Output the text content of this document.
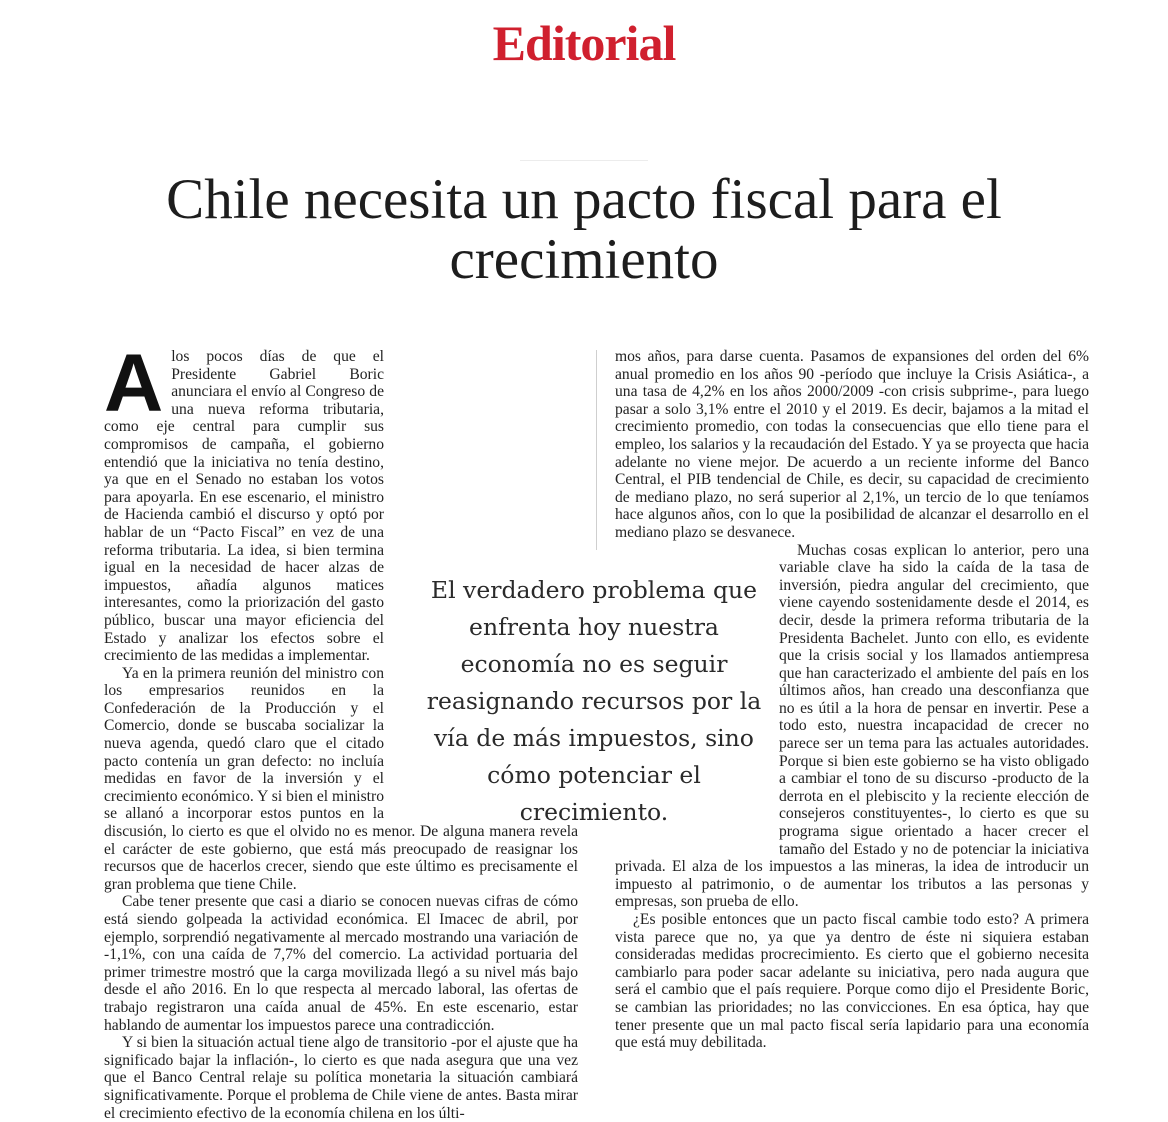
Editorial
Chile necesita un pacto fiscal para el crecimiento

Alos pocos días de que el Presidente Gabriel Boric anunciara el envío al Congreso de una nueva reforma tributaria, como eje central para cumplir sus compromisos de campaña, el gobierno entendió que la iniciativa no tenía destino, ya que en el Senado no estaban los votos para apoyarla. En ese escenario, el ministro de Hacienda cambió el discurso y optó por hablar de un “Pacto Fiscal” en vez de una reforma tributaria. La idea, si bien termina igual en la necesidad de hacer alzas de impuestos, añadía algunos matices interesantes, como la priorización del gasto público, buscar una mayor eficiencia del Estado y analizar los efectos sobre el crecimiento de las medidas a implementar.

Ya en la primera reunión del ministro con los empresarios reunidos en la Confederación de la Producción y el Comercio, donde se buscaba socializar la nueva agenda, quedó claro que el citado pacto contenía un gran defecto: no incluía medidas en favor de la inversión y el crecimiento económico. Y si bien el ministro se allanó a incorporar estos puntos en la discusión, lo cierto es que el olvido no es menor. De alguna manera revela el carácter de este gobierno, que está más preocupado de reasignar los recursos que de hacerlos crecer, siendo que este último es precisamente el gran problema que tiene Chile.

Cabe tener presente que casi a diario se conocen nuevas cifras de cómo está siendo golpeada la actividad económica. El Imacec de abril, por ejemplo, sorprendió negativamente al mercado mostrando una variación de -1,1%, con una caída de 7,7% del comercio. La actividad portuaria del primer trimestre mostró que la carga movilizada llegó a su nivel más bajo desde el año 2016. En lo que respecta al mercado laboral, las ofertas de trabajo registraron una caída anual de 45%. En este escenario, estar hablando de aumentar los impuestos parece una contradicción.

Y si bien la situación actual tiene algo de transitorio -por el ajuste que ha significado bajar la inflación-, lo cierto es que nada asegura que una vez que el Banco Central relaje su política monetaria la situación cambiará significativamente. Porque el problema de Chile viene de antes. Basta mirar el crecimiento efectivo de la economía chilena en los últi-

mos años, para darse cuenta. Pasamos de expansiones del orden del 6% anual promedio en los años 90 -período que incluye la Crisis Asiática-, a una tasa de 4,2% en los años 2000/2009 -con crisis subprime-, para luego pasar a solo 3,1% entre el 2010 y el 2019. Es decir, bajamos a la mitad el crecimiento promedio, con todas la consecuencias que ello tiene para el empleo, los salarios y la recaudación del Estado. Y ya se proyecta que hacia adelante no viene mejor. De acuerdo a un reciente informe del Banco Central, el PIB tendencial de Chile, es decir, su capacidad de crecimiento de mediano plazo, no será superior al 2,1%, un tercio de lo que teníamos hace algunos años, con lo que la posibilidad de alcanzar el desarrollo en el mediano plazo se desvanece.

Muchas cosas explican lo anterior, pero una variable clave ha sido la caída de la tasa de inversión, piedra angular del crecimiento, que viene cayendo sostenidamente desde el 2014, es decir, desde la primera reforma tributaria de la Presidenta Bachelet. Junto con ello, es evidente que la crisis social y los llamados antiempresa que han caracterizado el ambiente del país en los últimos años, han creado una desconfianza que no es útil a la hora de pensar en invertir. Pese a todo esto, nuestra incapacidad de crecer no parece ser un tema para las actuales autoridades. Porque si bien este gobierno se ha visto obligado a cambiar el tono de su discurso -producto de la derrota en el plebiscito y la reciente elección de consejeros constituyentes-, lo cierto es que su programa sigue orientado a hacer crecer el tamaño del Estado y no de potenciar la iniciativa privada. El alza de los impuestos a las mineras, la idea de introducir un impuesto al patrimonio, o de aumentar los tributos a las personas y empresas, son prueba de ello.

¿Es posible entonces que un pacto fiscal cambie todo esto? A primera vista parece que no, ya que ya dentro de éste ni siquiera estaban consideradas medidas procrecimiento. Es cierto que el gobierno necesita cambiarlo para poder sacar adelante su iniciativa, pero nada augura que será el cambio que el país requiere. Porque como dijo el Presidente Boric, se cambian las prioridades; no las convicciones. En esa óptica, hay que tener presente que un mal pacto fiscal sería lapidario para una economía que está muy debilitada.

El verdadero problema que enfrenta hoy nuestra economía no es seguir reasignando recursos por la vía de más impuestos, sino cómo potenciar el crecimiento.
